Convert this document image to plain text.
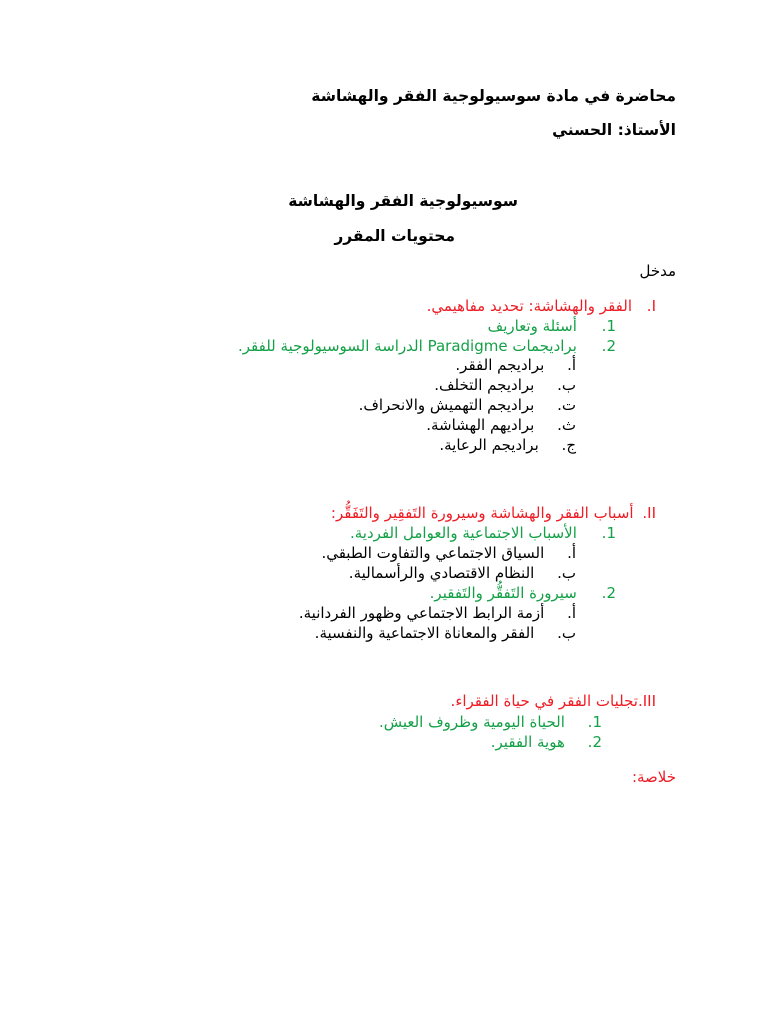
محاضرة في مادة سوسيولوجية الفقر والهشاشة
الأستاذ: الحسني
سوسيولوجية الفقر والهشاشة
محتويات المقرر
مدخل
I. الفقر والهشاشة: تحديد مفاهيمي.
1. أسئلة وتعاريف
2. براديجمات Paradigme الدراسة السوسيولوجية للفقر.
أ. براديجم الفقر.
ب. براديجم التخلف.
ت. براديجم التهميش والانحراف.
ث. براديهم الهشاشة.
ج. براديجم الرعاية.
II. أسباب الفقر والهشاشة وسيرورة التَفقِير والتَفَقُّر:
1. الأسباب الاجتماعية والعوامل الفردية.
أ. السياق الاجتماعي والتفاوت الطبقي.
ب. النظام الاقتصادي والرأسمالية.
2. سيرورة التَفقُّر والتَفقير.
أ. أزمة الرابط الاجتماعي وظهور الفردانية.
ب. الفقر والمعاناة الاجتماعية والنفسية.
III.تجليات الفقر في حياة الفقراء.
1. الحياة اليومية وظروف العيش.
2. هوية الفقير.
خلاصة:
